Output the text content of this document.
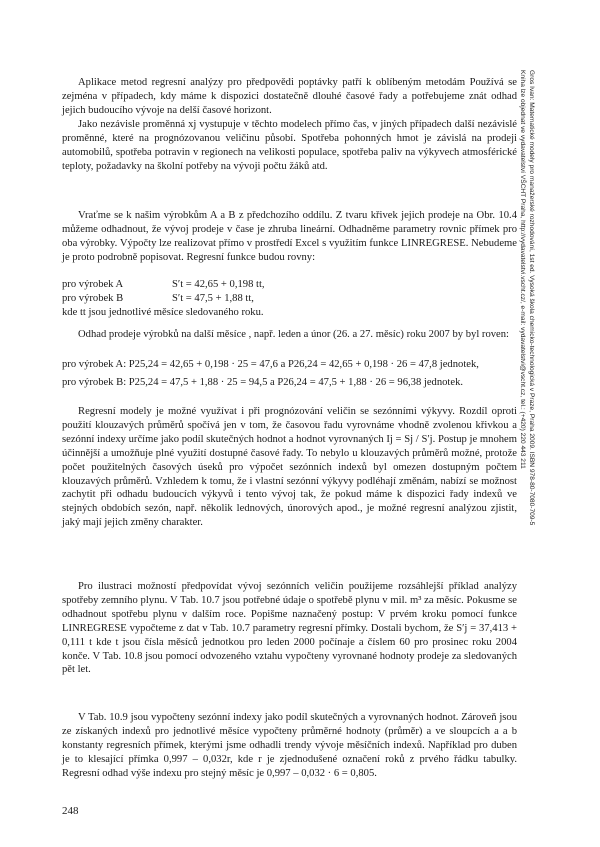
Gros Ivan: Matematické modely pro manažerské rozhodování, 1st ed. Vysoká škola chemicko-technologická v Praze, Praha 2009. ISBN 978-80-7080-709-5
Kniha lze objednat ve vydavatelství VŠCHT Praha, http://vydavatelstvi.vscht.cz/, e-mail: vydavatelstvi@vscht.cz, tel.: (+420) 220 443 211

Aplikace metod regresní analýzy pro předpovědi poptávky patří k oblíbeným metodám Používá se zejména v případech, kdy máme k dispozici dostatečně dlouhé časové řady a potřebujeme znát odhad jejich budoucího vývoje na delší časové horizont.

Jako nezávisle proměnná xj vystupuje v těchto modelech přímo čas, v jiných případech další nezávislé proměnné, které na prognózovanou veličinu působí. Spotřeba pohonných hmot je závislá na prodeji automobilů, spotřeba potravin v regionech na velikosti populace, spotřeba paliv na výkyvech atmosférické teploty, požadavky na školní potřeby na vývoji počtu žáků atd.

Vraťme se k našim výrobkům A a B z předchozího oddílu. Z tvaru křivek jejich prodeje na Obr. 10.4 můžeme odhadnout, že vývoj prodeje v čase je zhruba lineární. Odhadněme parametry rovnic přímek pro oba výrobky. Výpočty lze realizovat přímo v prostředí Excel s využitím funkce LINREGRESE. Nebudeme je proto podrobně popisovat. Regresní funkce budou rovny:

pro výrobek A	S′t = 42,65 + 0,198 tt,
pro výrobek B	S′t = 47,5 + 1,88 tt,
kde tt jsou jednotlivé měsíce sledovaného roku.

Odhad prodeje výrobků na další měsíce , např. leden a únor (26. a 27. měsíc) roku 2007 by byl roven:

pro výrobek A: P25,24 = 42,65 + 0,198 · 25 = 47,6 a P26,24 = 42,65 + 0,198 · 26 = 47,8 jednotek,
pro výrobek B: P25,24 = 47,5 + 1,88 · 25 = 94,5 a P26,24 = 47,5 + 1,88 · 26 = 96,38 jednotek.

Regresní modely je možné využívat i při prognózování veličin se sezónními výkyvy. Rozdíl oproti použití klouzavých průměrů spočívá jen v tom, že časovou řadu vyrovnáme vhodně zvolenou křivkou a sezónní indexy určíme jako podíl skutečných hodnot a hodnot vyrovnaných Ij = Sj / S′j. Postup je mnohem účinnější a umožňuje plné využití dostupné časové řady. To nebylo u klouzavých průměrů možné, protože počet použitelných časových úseků pro výpočet sezónních indexů byl omezen dostupným počtem klouzavých průměrů. Vzhledem k tomu, že i vlastní sezónní výkyvy podléhají změnám, nabízí se možnost zachytit při odhadu budoucích výkyvů i tento vývoj tak, že pokud máme k dispozici řady indexů ve stejných obdobích sezón, např. několik lednových, únorových apod., je možné regresní analýzou zjistit, jaký mají jejich změny charakter.

Pro ilustraci možností předpovídat vývoj sezónních veličin použijeme rozsáhlejší příklad analýzy spotřeby zemního plynu. V Tab. 10.7 jsou potřebné údaje o spotřebě plynu v mil. m³ za měsíc. Pokusme se odhadnout spotřebu plynu v dalším roce. Popišme naznačený postup: V prvém kroku pomocí funkce LINREGRESE vypočteme z dat v Tab. 10.7 parametry regresní přímky. Dostali bychom, že S′j = 37,413 + 0,111 t kde t jsou čísla měsíců jednotkou pro leden 2000 počínaje a číslem 60 pro prosinec roku 2004 konče. V Tab. 10.8 jsou pomocí odvozeného vztahu vypočteny vyrovnané hodnoty prodeje za sledovaných pět let.

V Tab. 10.9 jsou vypočteny sezónní indexy jako podíl skutečných a vyrovnaných hodnot. Zároveň jsou ze získaných indexů pro jednotlivé měsíce vypočteny průměrné hodnoty (průměr) a ve sloupcích a a b konstanty regresních přímek, kterými jsme odhadli trendy vývoje měsíčních indexů. Například pro duben je to klesající přímka 0,997 – 0,032r, kde r je zjednodušené označení roků z prvého řádku tabulky. Regresní odhad výše indexu pro stejný měsíc je 0,997 – 0,032 · 6 = 0,805.

248
